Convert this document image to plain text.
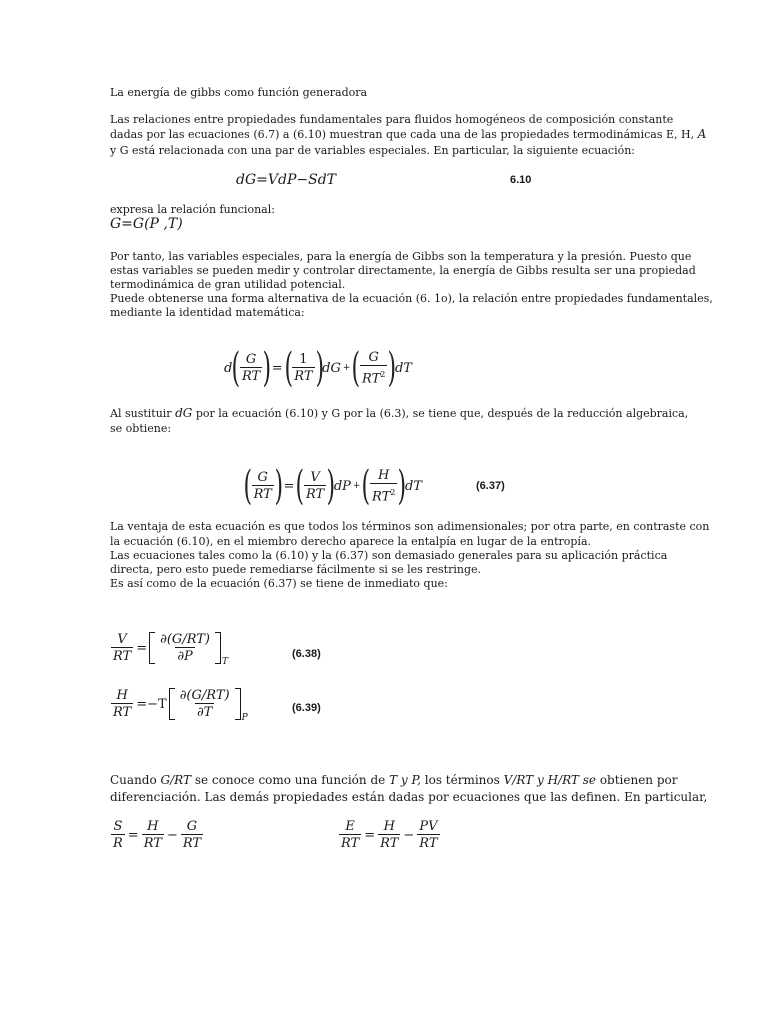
La energía de gibbs como función generadora
Las relaciones entre propiedades fundamentales para fluidos homogéneos de composición constante
dadas por las ecuaciones (6.7) a (6.10) muestran que cada una de las propiedades termodinámicas E, H, A
y G está relacionada con una par de variables especiales. En particular, la siguiente ecuación:
dG=VdP−SdT	6.10
expresa la relación funcional:
G=G(P ,T)
Por tanto, las variables especiales, para la energía de Gibbs son la temperatura y la presión. Puesto que
estas variables se pueden medir y controlar directamente, la energía de Gibbs resulta ser una propiedad
termodinámica de gran utilidad potencial.
Puede obtenerse una forma alternativa de la ecuación (6. 1o), la relación entre propiedades fundamentales,
mediante la identidad matemática:
d ( $\frac{G}{RT}$ ) = ( $\frac{1}{RT}$ )
dG + ( $\frac{G}{RT^2}$ )
dT
Al sustituir dG por la ecuación (6.10) y G por la (6.3), se tiene que, después de la reducción algebraica,
se obtiene:
( $\frac{G}{RT}$ ) = ( $\frac{V}{RT}$ )
dP + ( $\frac{H}{RT^2}$ )
dT	(6.37)
La ventaja de esta ecuación es que todos los términos son adimensionales; por otra parte, en contraste con
la ecuación (6.10), en el miembro derecho aparece la entalpía en lugar de la entropía.
Las ecuaciones tales como la (6.10) y la (6.37) son demasiado generales para su aplicación práctica
directa, pero esto puede remediarse fácilmente si se les restringe.
Es así como de la ecuación (6.37) se tiene de inmediato que:
$\frac{V}{RT} = \frac{\partial(G/RT)}{\partial P}$ T
(6.38)
$\frac{H}{RT} =-T \frac{\partial(G/RT)}{\partial T}$ P
(6.39)
Cuando G/RT se conoce como una función de T y P, los términos V/RT y H/RT se obtienen por
diferenciación. Las demás propiedades están dadas por ecuaciones que las definen. En particular,
$\frac{S}{R} = \frac{H}{RT} - \frac{G}{RT}$	$\frac{E}{RT} = \frac{H}{RT} - \frac{PV}{RT}$
